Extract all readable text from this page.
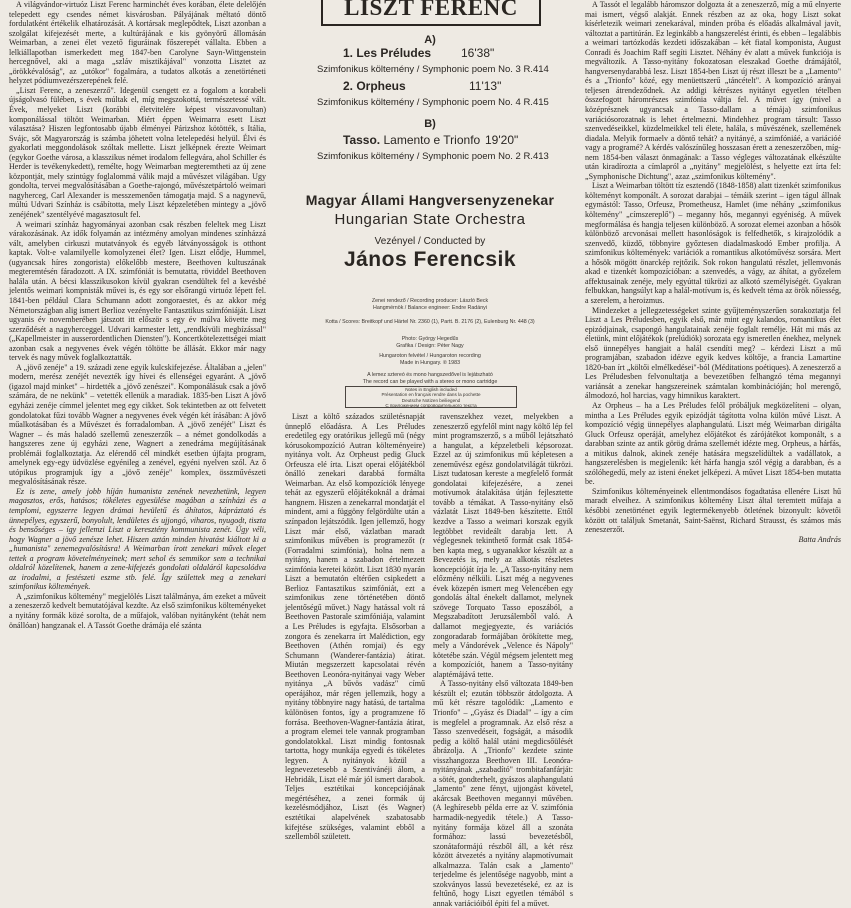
A világvándor-virtuóz Liszt Ferenc harminchét éves korában, élete delelőjén telepedett egy csendes német kisvárosban. Pályájának méltató döntő fordulatként értékelik elhatározását. A kortársak meglepődtek, Liszt azonban a szolgálat kifejezését merte, a kultúrájának e kis gyönyörű állomásán Weimarban, a zenei élet vezető figuráinak főszerepét vállalta. Ebben a lelkiállapotban ismerkedett meg 1847-ben Carolyne Sayn-Wittgenstein hercegnővel, aki a maga „szláv misztikájával" vonzotta Lisztet az „örökkévalóság", az „utókor" fogalmára, a tudatos alkotás a zenetörténeti helyzet pódiumvezérszerepének felé.

„Liszt Ferenc, a zeneszerző". Idegenül csengett ez a fogalom a korabeli újságolvasó fülében, s évek múltak el, míg megszokottá, természetessé vált. Évek, melyeket Liszt (korábbi életvitelére képest visszavonultan) komponálással töltött Weimarban. Miért éppen Weimarra esett Liszt választása? Hiszen legfontosabb újabb élményei Párizshoz kötötték, s Itália, Svájc, sőt Magyarország is számba jöhetett volna letelepedési helyül. Élvi és gyakorlati meggondolások szóltak mellette. Liszt jelképnek érezte Weimart (egykor Goethe városa, a klasszikus német irodalom fellegvára, ahol Schiller és Herder is tevékenykedett), remélte, hogy Weimarban megteremtheti az új zene központját, mely szintúgy foglalommá válik majd a művészet világában. Ugy gondolta, tervei megvalósításában a Goethe-rajongó, művészetpártoló weimari nagyherceg, Carl Alexander is messzemenően támogatja majd. S a nagynevű, múltú Udvari Színház is csábította, mely Liszt képzeletében mintegy a „jövő zenéjének" szentélyévé magasztosult fel.

A weimari színház hagyományai azonban csak részben feleltek meg Liszt várakozásának. Az idők folyamán az intézmény amolyan mindenes színházzá vált, amelyben cirkuszi mutatványok és egyéb látványosságok is otthont kaptak. Volt-e valamilyelle komolyzenei élet? Igen. Liszt elődje, Hummel, (ugyancsak híres zongorista) előkelőbb mestere, Beethoven kultuszának megteremtésén fáradozott. A IX. szimfóniát is bemutatta, röviddel Beethoven halála után. A bécsi klasszikusokon kívül gyakran csendültek fel a kevésbé jelentős weimari kompnisták művei is, és egy sor elsőrangú virtuóz lépett fel. 1841-ben például Clara Schumann adott zongoraestet, és az akkor még Németországban alig ismert Berlioz vezényelte Fantasztikus szimfóniáját. Liszt ugyanis év novemberében játszott itt először s egy év múlva követte meg szerződését a nagyherceggel. Udvari karmester lett, „rendkívüli megbízással" („Kapellmeister in ausserordentlichen Diensten"). Koncertkötelezettségei miatt azonban csak a negyvenes évek végén töltötte be állását. Ekkor már nagy tervek és nagy művek foglalkoztatták.

A „jövő zenéje" a 19. századi zene egyik kulcskifejezése. Általában a „jelen" modern, merész zenéjét nevezték így hívei és ellenségei egyaránt. A „jövő (igazol majd minket" – hirdették a „jövő zenészei". Komponálásuk csak a jövő számára, de ne nekünk" – vetették ellenük a maradiak. 1835-ben Liszt A jövő egyházi zenéje címmel jelentet meg egy cikket. Sok tekintetben az ott felvetett gondolatokat fűzi tovább Wagner a negyvenes évek végén két írásában: A jövő műalkotásában és a Művészet és forradalomban. A „jövő zenéjét" Liszt és Wagner – és más haladó szellemű zeneszerzők – a német gondolkodás a hangszeres zene új egyházi zene, Wagnert a zenedráma megújításának problémái foglalkoztatja. Az elérendő cél mindkét esetben újfajta program, amelynek egy-egy üdvözlése egyénileg a zenével, egyéni nyelven szól. Az ő utópikus programjuk így a „jövő zenéje" komplex, összművészeti megvalósításának része.

Ez is zene, amely jobb híján humanista zenének nevezhetünk, legyen magasztos, erős, hatásos; tökéletes egyesülése magában a színházi és a templomi, egyszerre legyen drámai hevületű és áhítatos, kápráztató és ünnepélyes, egyszerű, bonyolult, lendületes és ujjongó, viharos, nyugodt, tiszta és bensőséges – így jellemzi Liszt a keresztény kommunista zenét. Úgy véli, hogy Wagner a jövő zenésze lehet. Hiszen aztán minden hivatást kiáltott ki a „humanista" zenemegvalósításra! A Weimarban írott zenekari művek eleget tettek a program követelményeinek; mert sehol és semmikor sem a technikai oldalról közelítenek, hanem a zene-kifejezés gondolati oldaláról kapcsolódva az irodalmi, a festészeti eszme stb. felé. Így születtek meg a zenekari szimfonikus költemények.

A „szimfonikus költemény" megjelölés Liszt találmánya, ám ezeket a műveit a zeneszerző kedvelt bemutatójával kezdte. Az első szimfonikus költeményeket a nyitány formák közé sorolta, de a műfajok, valóban nyitányként (tehát nem önállóan) hangzanak el. A Tassót Goethe drámája elé szánta

LISZT FERENC
A)
1. Les Préludes 16'38"
Szimfonikus költemény / Symphonic poem No. 3 R.414
2. Orpheus	11'13"
Szimfonikus költemény / Symphonic poem No. 4 R.415
B)
Tasso. Lamento e Trionfo 19'20"
Szimfonikus költemény / Symphonic poem No. 2 R.413
Magyar Állami Hangversenyzenekar
Hungarian State Orchestra
Vezényel / Conducted by
János Ferencsik
Zenei rendező / Recording producer: László Beck
Hangmérnök / Balance engineer: Endre Radányi
Kotta / Scores: Breitkopf und Härtel Nr. 2360 (1), Partt. B. 2176 (2), Eulenburg Nr. 448 (3)
Photo: György Hegedűs
Grafika / Design: Péter Nagy
Hungaroton felvétel / Hungaroton recording
Made in Hungary. ℗ 1983
A lemez sztereó és mono hangszedővel is lejátszható
The record can be played with a stereo or mono cartridge
Notes in English included
Présentation en français rendre dans la pochette
Deutsche Notizen beiliegend
С приложением сопроводительного текста

Liszt a költő százados születésnapját ünneplő előadásra. A Les Préludes eredetileg egy oratórikus jellegű mű (négy kórusokompozíció Autran költeményeire) nyitánya volt. Az Orpheust pedig Gluck Orfeusza elé írta. Liszt operai előjátékból önálló zenekari darabbá formálta Weimarban. Az első kompozíciók lényege tehát az egyszerű előjátékoknál a drámai hangnem. Hiszen a zenekarral mondatját el mindent, ami a függöny felgördülte után a színpadon lejátszódik. Igen jellemző, hogy Liszt már első, vázlatban maradt szimfonikus művében is programezőt (r (Forradalmi szimfónia), holna nem a nyitány, hanem a szabadon értelmezett szimfónia keretei között. Liszt 1830 nyarán Liszt a bemutatón eltérően csipkedett a Berlioz Fantasztikus szimfóniát, ezt a szimfonikus zene történetében döntő jelentőségű művet.) Nagy hatással volt rá Beethoven Pastorale szimfóniája, valamint a Les Préludes is egyfajta. Elsősorban a zongora és zenekarra írt Malédiction, egy Beethoven (Athén romjai) és egy Schumann (Wanderer-fantázia) átirat. Miután megszerzett kapcsolatai révén Beethoven Leonóra-nyitányai vagy Weber nyitánya „A bűvös vadász" című operájához, már régen jellemzik, hogy a nyitány többnyire nagy hatású, de tartalma különösen fontos, így a programzene fő forrása. Beethoven-Wagner-fantázia átirat, a program elemei tele vannak programban gondolatokkal. Liszt mindig fontosnak tartotta, hogy munkája egyedi és tökéletes legyen. A nyitányok közül a legnevezetesebb a Szentivánéji álom, a Hebridák, Liszt elé már jól ismert darabok. Teljes esztétikai koncepciójának megértéséhez, a zenei formák új kezelésmódjához, Liszt (és Wagner) esztétikai alapelvének szabatosabb kifejtése szükséges, valamint ebből a szellemből született.

ravenszekhez vezet, melyekben a zeneszerző egyfelől mint nagy költő lép fel mint programszerző, s a műből lejátszható a hangulat, a képzeletbeli képsorozat. Ezzel az új szimfonikus mű képletesen a zeneművész egész gondolatvilágát tükrözi. Liszt tudatosan kereste a megfelelő formát gondolatai kifejezésére, a zenei motívumok átalakítása útján fejlesztette tovább a témákat. A Tasso-nyitány első vázlatát Liszt 1849-ben készítette. Ettől kezdve a Tasso a weimari korszak egyik legtöbbet revideált darabja lett. A véglegesnek tekinthető formát csak 1854-ben kapta meg, s ugyanakkor készült az a Bevezetés is, mely az alkotás részletes koncepcióját írja le. „A Tasso-nyitány nem előzmény nélküli. Liszt még a negyvenes évek közepén ismert meg Velencében egy gondolás által énekelt dallamot, melynek szövege Torquato Tasso eposzából, a Megszabadított Jeruzsálemből való. A dallamot megjegyezte, és variációs zongoradarab formájában örökítette meg, mely a Vándorévek „Velence és Nápoly" kötetébe szán. Végül mégsem jelentett meg a kompozíciót, hanem a Tasso-nyitány alaptémájává tette.

A Tasso-nyitány első változata 1849-ben készült el; ezután többször átdolgozta. A mű két részre tagolódik: „Lamento e Trionfo" – „Gyász és Diadal" – így a cím is megfelel a programnak. Az első rész a Tasso szenvedéseit, fogságát, a második pedig a költő halál utáni megdicsőülését ábrázolja. A „Trionfo" kezdete szinte visszhangozza Beethoven III. Leonóra-nyitányának „szabadító" trombitafanfárját: a sötét, gondterhelt, gyászos alaphangulatú „lamento" zene fényt, ujjongást követel, akárcsak Beethoven megannyi művében. (A leghíresebb példa erre az V. szimfónia harmadik-negyedik tétele.) A Tasso-nyitány formája közel áll a szonáta formához: lassú bevezetésből, szonátaformájú részből áll, a két rész között átvezetés a nyitány alapmotívumait alkalmazza. Talán csak a „lamento" terjedelme és jelentősége nagyobb, mint a szokványos lassú bevezetéseké, ez az is feltűnő, hogy Liszt egyetlen témából s annak variációiból építi fel a művet.

A Tassót el legalább háromszor dolgozta át a zeneszerző, míg a mű elnyerte mai ismert, végső alakját. Ennek részben az az oka, hogy Liszt sokat kísérletezik weimari zenekarával, minden próba és előadás alkalmával javít, változtat a partitúrán. Ez leginkább a hangszerelést érinti, és ebben – legalábbis a weimari tartózkodás kezdeti időszakában – két fiatal komponista, August Conradi és Joachim Raff segíti Lisztet. Néhány év alatt a művek funkciója is megváltozik. A Tasso-nyitány fokozatosan eleszakad Goethe drámájától, hangversenydarabbá lesz. Liszt 1854-ben Liszt új részt illeszt be a „Lamento" és a „Trionfo" közé, egy menüettszerű „táncételt". A kompozíció arányai teljesen átrendeződnek. Az addigi kétrészes nyitányt egyetlen tételben összefogott háromrészes szimfónia váltja fel. A művet így (mivel a középrésznek ugyancsak a Tasso-dallam a témája) szimfonikus variációsorozatnak is lehet értelmezni. Mindehhez program társult: Tasso szenvedéseikkel, küzdelmeikkel teli élete, halála, s művészének, szellemének diadala. Melyik formaelv a döntő tehát? a nyitányé, a szimfóniáé, a variációé vagy a programé? A kérdés valószínűleg hosszasan érett a zeneszerzőben, míg- nem 1854-ben választ önmagának: a Tasso végleges változatának elkészülte után kiradírozta a címlapról a „nyitány" megjelölést, s helyette ezt írta fel: „Symphonische Dichtung", azaz „szimfonikus költemény".

Liszt a Weimarban töltött tíz esztendő (1848-1858) alatt tizenkét szimfonikus költeményt komponált. A sorozat darabjai – témáik szerint – igen tágul állnak egymástól: Tasso, Orfeusz, Prometheusz, Hamlet (ime néhány „szimfonikus költemény" „címszereplő") – meganny hős, megannyi egyéniség. A művek megformálása és hangja teljesen különböző. A sorozat elemei azonban a hősök különböző arcvonásai mellett hasonlóságok is felfedhetők, s kirajzolódik a szenvedő, küzdő, többnyire győztesen diadalmaskodó Ember profilja. A szimfonikus költemények: variációk a romantikus alkotóművész sorsára. Mert a hősök mögött önarckép rejtőzik. Sok rokon hangulatú részlet, jellemvonás akad e tizenkét kompozícióban: a szenvedés, a vágy, az áhítat, a győzelem affektusainak zenéje, mely egyúttal tükrözi az alkotó személyiségét. Gyakran felbukkan, hangsúlyt kap a halál-motívum is, és kedvelt téma az örök nőiesség, a szerelem, a heroizmus.

Mindezeket a jellegzetességeket szinte gyűjteményszerűen sorakoztatja fel Liszt a Les Préludesben, egyik első, már mint egy kalandos, romantikus élet epizódjainak, csapongó hangulatainak zenéje foglalt remélje. Hát mi más az életünk, mint előjátékok (prelúdiók) sorozata egy ismeretlen énekhez, melynek első ünnepélyes hangjait a halál csendíti meg? – kérdezi Liszt a mű programjában, szabadon idézve egyik kedves költője, a francia Lamartine 1820-ban írt „költői elmélkedései"-ból (Méditations poétiques). A zeneszerző a Les Préludesben felvonultatja a bevezetőben felhangzó téma megannyi variánsát a zenekar hangszereinek számtalan kombinációján; hol merengő, álmodozó, hol harcias, vagy himnikus karaktert.

Az Orpheus – ha a Les Préludes felől próbáljuk megközelíteni – olyan, mintha a Les Préludes egyik epizódját tágította volna külön művé Liszt. A kompozíció végig ünnepélyes alaphangulatú. Liszt még Weimarban dirigálta Gluck Orfeusz operáját, amelyhez előjátékot és zárójátékot komponált, s a darabban szinte az antik görög dráma szellemét idézte meg. Orpheus, a hárfás, a mitikus dalnok, akinek zenéje hatására megszelídültek a vadállatok, a hangszerelésben is megjelenik: két hárfa hangja szól végig a darabban, és a szólóhegedű, mely az isteni éneket jelképezi. A művet Liszt 1854-ben mutatta be.

Szimfonikus költeményeinek ellentmondásos fogadtatása ellenére Liszt hű maradt elveihez. A szimfonikus költemény Liszt által teremtett műfaja a későbbi zenetörténet egyik legtermékenyebb ötletének bizonyult: követői között ott találjuk Smetanát, Saint-Saënst, Richard Strausst, és számos más zeneszerzőt.

Batta András
